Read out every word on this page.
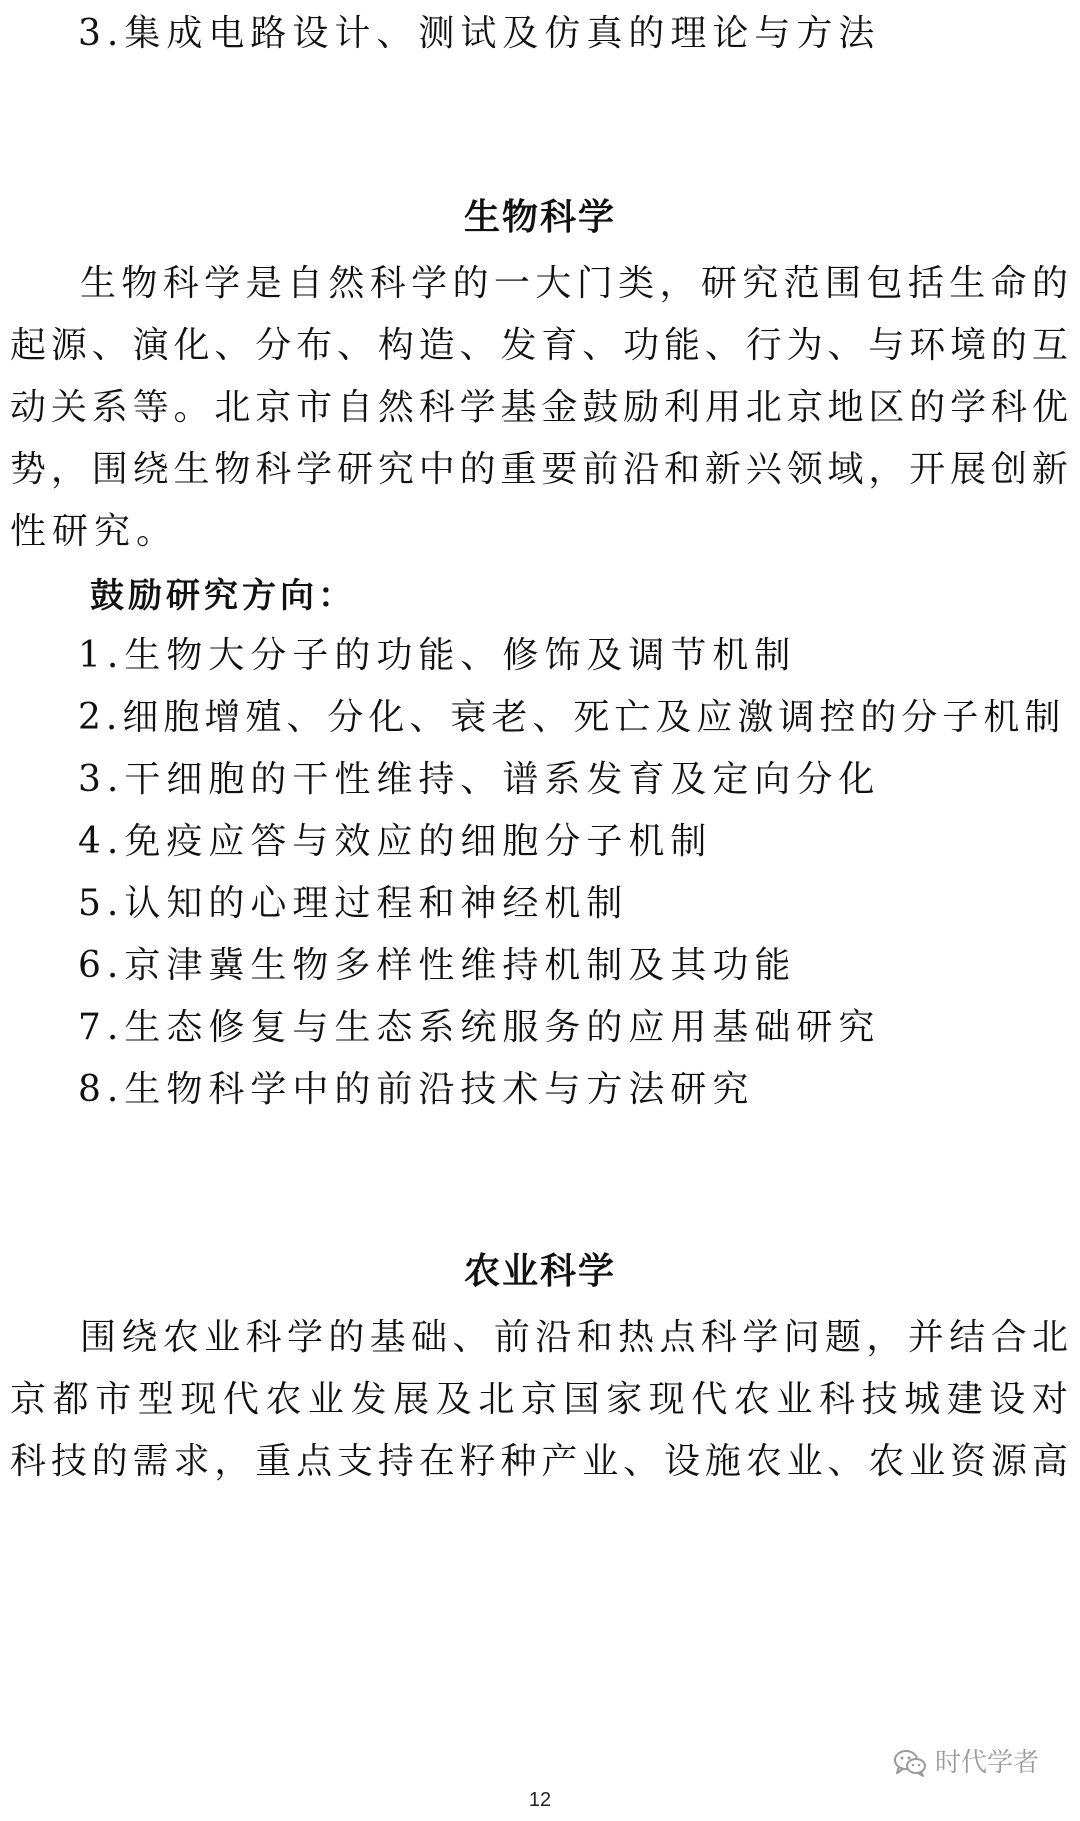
3.集成电路设计、测试及仿真的理论与方法

生物科学

生 物 科 学 是 自 然 科 学 的 一 大 门 类 ， 研 究 范 围 包 括 生 命 的

起 源 、 演 化 、 分 布 、 构 造 、 发 育 、 功 能 、 行 为 、 与 环 境 的 互

动 关 系 等 。 北 京 市 自 然 科 学 基 金 鼓 励 利 用 北 京 地 区 的 学 科 优

势 ， 围 绕 生 物 科 学 研 究 中 的 重 要 前 沿 和 新 兴 领 域 ， 开 展 创 新

性研究。

鼓励研究方向：

1.生物大分子的功能、修饰及调节机制

2.细胞增殖、分化、衰老、死亡及应激调控的分子机制

3.干细胞的干性维持、谱系发育及定向分化

4.免疫应答与效应的细胞分子机制

5.认知的心理过程和神经机制

6.京津冀生物多样性维持机制及其功能

7.生态修复与生态系统服务的应用基础研究

8.生物科学中的前沿技术与方法研究

农业科学

围 绕 农 业 科 学 的 基 础 、 前 沿 和 热 点 科 学 问 题 ， 并 结 合 北

京 都 市 型 现 代 农 业 发 展 及 北 京 国 家 现 代 农 业 科 技 城 建 设 对

科 技 的 需 求 ， 重 点 支 持 在 籽 种 产 业 、 设 施 农 业 、 农 业 资 源 高

时代学者
12
